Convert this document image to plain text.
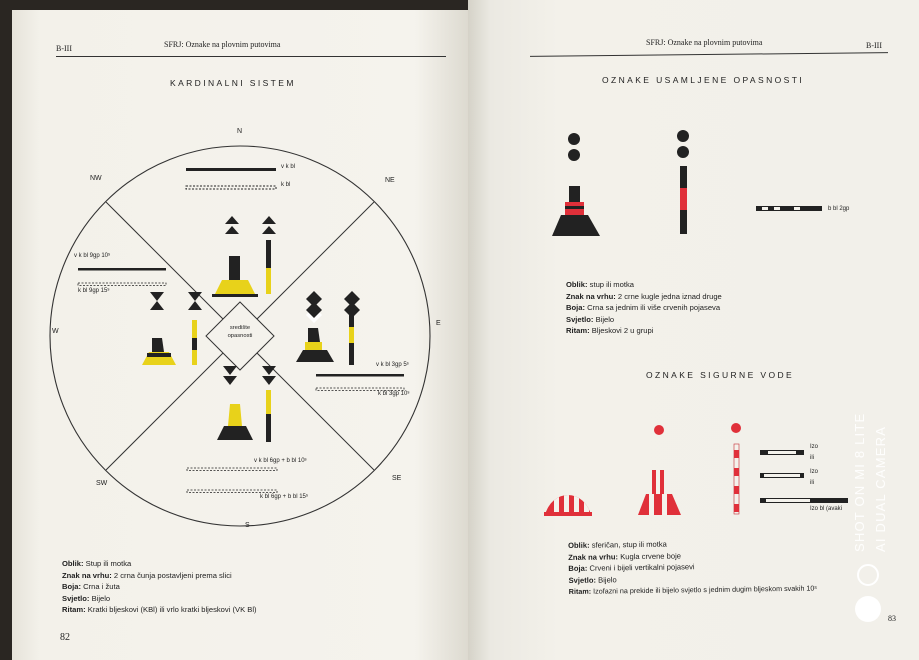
B-III	SFRJ: Oznake na plovnim putovima
KARDINALNI SISTEM
N
NE
E
SE
S
SW
W
NW
središte opasnosti
v k bl
k bl
v k bl 9gp 10ˢ
k bl 9gp 15ˢ
v k bl 3gp 5ˢ
k bl 3gp 10ˢ
v k bl 6gp + b bl 10ˢ
k bl 6gp + b bl 15ˢ
Oblik: Stup ili motka
Znak na vrhu: 2 crna čunja postavljeni prema slici
Boja: Crna i žuta
Svjetlo: Bijelo
Ritam: Kratki bljeskovi (KBl) ili vrlo kratki bljeskovi (VK Bl)
82
SFRJ: Oznake na plovnim putovima	B-III
OZNAKE USAMLJENE OPASNOSTI
b bl 2gp
Oblik: stup ili motka
Znak na vrhu: 2 crne kugle jedna iznad druge
Boja: Crna sa jednim ili više crvenih pojaseva
Svjetlo: Bijelo
Ritam: Bljeskovi 2 u grupi
OZNAKE SIGURNE VODE
Izo
ili
Izo
ili
Izo bl (avaki
Oblik: sferičan, stup ili motka
Znak na vrhu: Kugla crvene boje
Boja: Crveni i bijeli vertikalni pojasevi
Svjetlo: Bijelo
Ritam: Izofazni na prekide ili bijelo svjetlo s jednim dugim bljeskom svakih 10ˢ
83
SHOT ON MI 8 LITE AI DUAL CAMERA
